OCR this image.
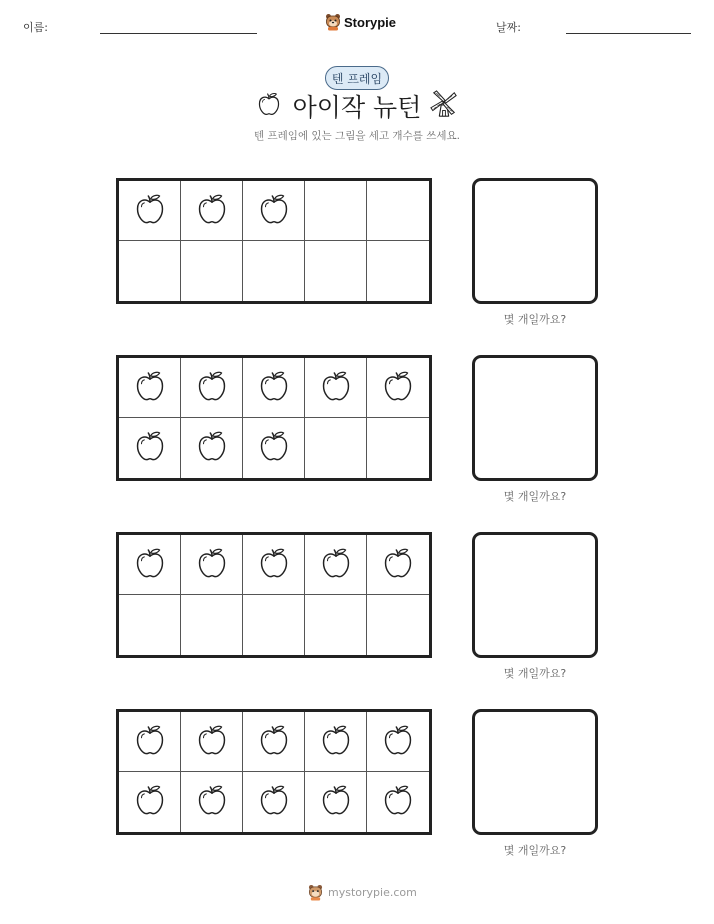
이름:	Storypie	날짜:
텐 프레임
아이작 뉴턴
텐 프레임에 있는 그림을 세고 개수를 쓰세요.
몇 개일까요?
몇 개일까요?
몇 개일까요?
몇 개일까요?
mystorypie.com
